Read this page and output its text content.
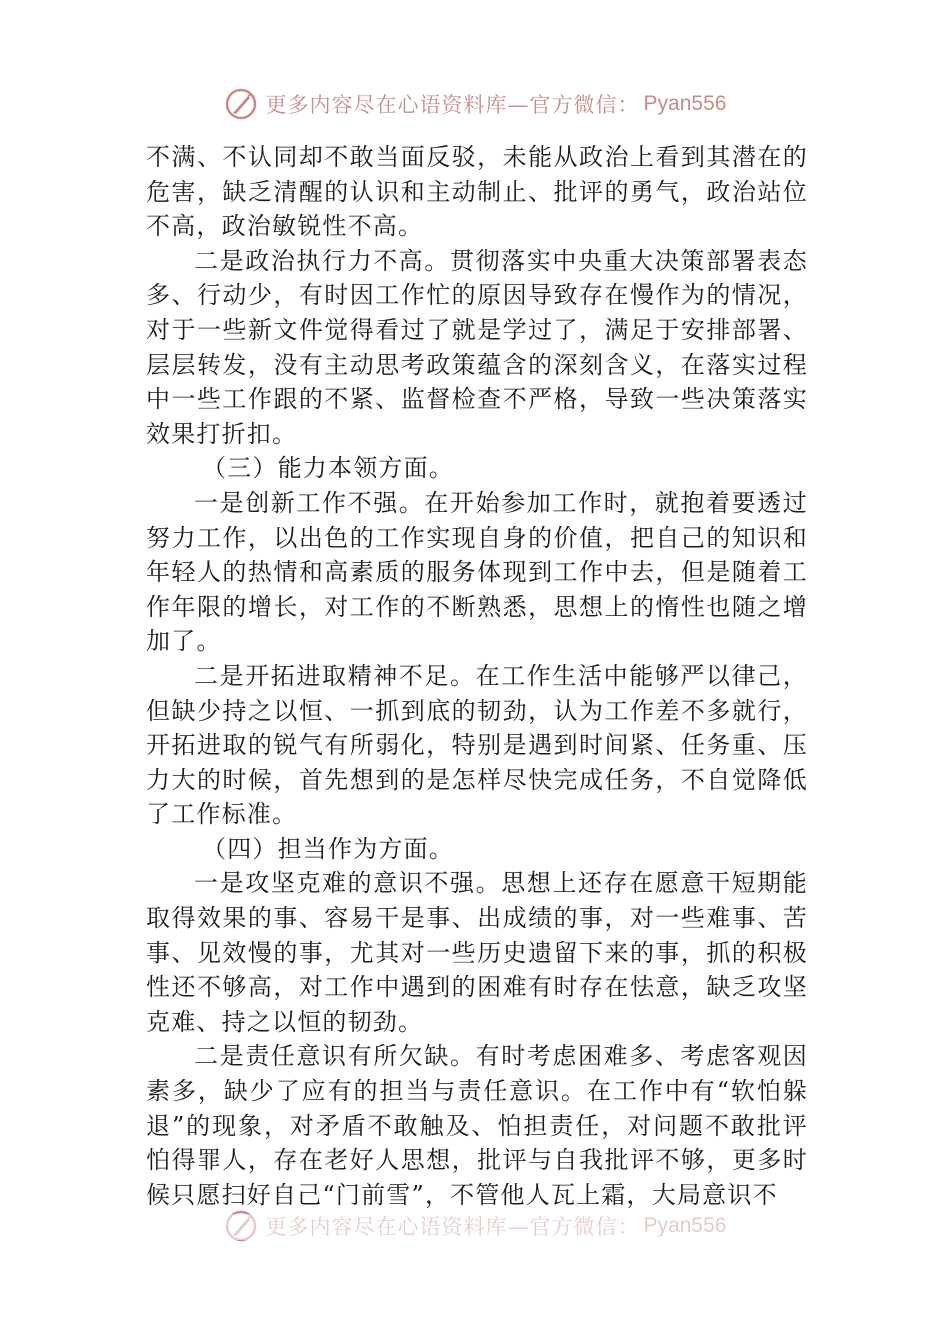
更多内容尽在心语资料库—官方微信： Pyan556

不满、不认同却不敢当面反驳，未能从政治上看到其潜在的危害，缺乏清醒的认识和主动制止、批评的勇气，政治站位不高，政治敏锐性不高。

二是政治执行力不高。贯彻落实中央重大决策部署表态多、行动少，有时因工作忙的原因导致存在慢作为的情况，对于一些新文件觉得看过了就是学过了，满足于安排部署、层层转发，没有主动思考政策蕴含的深刻含义，在落实过程中一些工作跟的不紧、监督检查不严格，导致一些决策落实效果打折扣。

（三）能力本领方面。

一是创新工作不强。在开始参加工作时，就抱着要透过努力工作，以出色的工作实现自身的价值，把自己的知识和年轻人的热情和高素质的服务体现到工作中去，但是随着工作年限的增长，对工作的不断熟悉，思想上的惰性也随之增加了。

二是开拓进取精神不足。在工作生活中能够严以律己，但缺少持之以恒、一抓到底的韧劲，认为工作差不多就行，开拓进取的锐气有所弱化，特别是遇到时间紧、任务重、压力大的时候，首先想到的是怎样尽快完成任务，不自觉降低了工作标准。

（四）担当作为方面。

一是攻坚克难的意识不强。思想上还存在愿意干短期能取得效果的事、容易干是事、出成绩的事，对一些难事、苦事、见效慢的事，尤其对一些历史遗留下来的事，抓的积极性还不够高，对工作中遇到的困难有时存在怯意，缺乏攻坚克难、持之以恒的韧劲。

二是责任意识有所欠缺。有时考虑困难多、考虑客观因素多，缺少了应有的担当与责任意识。在工作中有“软怕躲退”的现象，对矛盾不敢触及、怕担责任，对问题不敢批评怕得罪人，存在老好人思想，批评与自我批评不够，更多时候只愿扫好自己“门前雪”，不管他人瓦上霜，大局意识不
